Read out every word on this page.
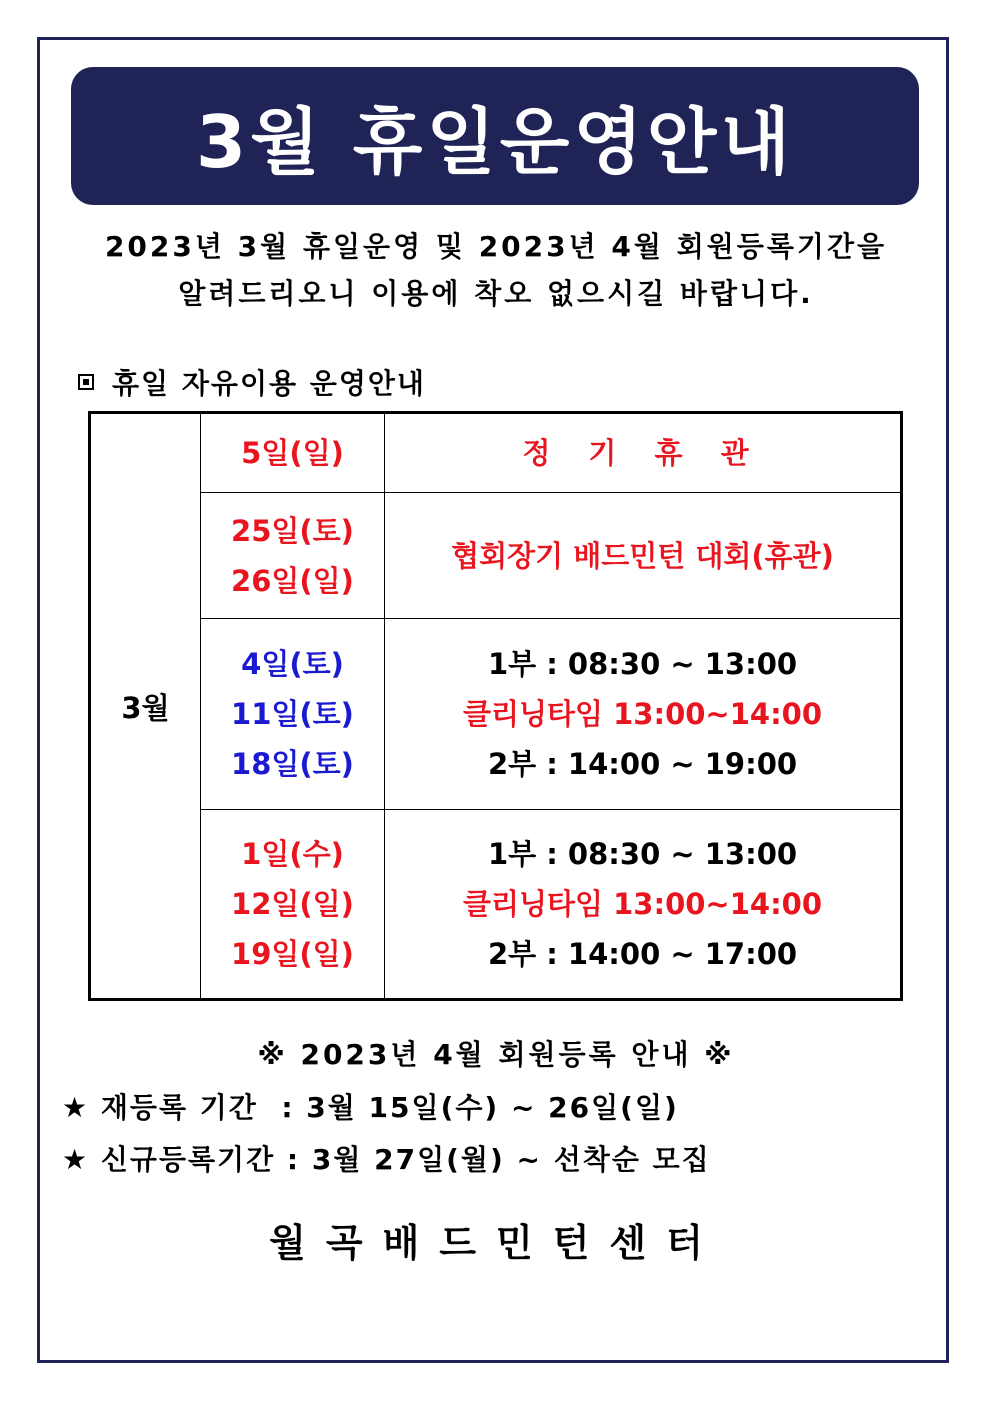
3월 휴일운영안내
2023년 3월 휴일운영 및 2023년 4월 회원등록기간을
알려드리오니 이용에 착오 없으시길 바랍니다.
휴일 자유이용 운영안내
3월	5일(일)	정 기 휴 관

	25일(토)
26일(일)	협회장기 배드민턴 대회(휴관)

	4일(토)
11일(토)
18일(토)	1부 : 08:30 ~ 13:00
클리닝타임 13:00~14:00
2부 : 14:00 ~ 19:00

	1일(수)
12일(일)
19일(일)	1부 : 08:30 ~ 13:00
클리닝타임 13:00~14:00
2부 : 14:00 ~ 17:00
※ 2023년 4월 회원등록 안내 ※
★ 재등록 기간  : 3월 15일(수) ~ 26일(일)
★ 신규등록기간 : 3월 27일(월) ~ 선착순 모집
월곡배드민턴센터
